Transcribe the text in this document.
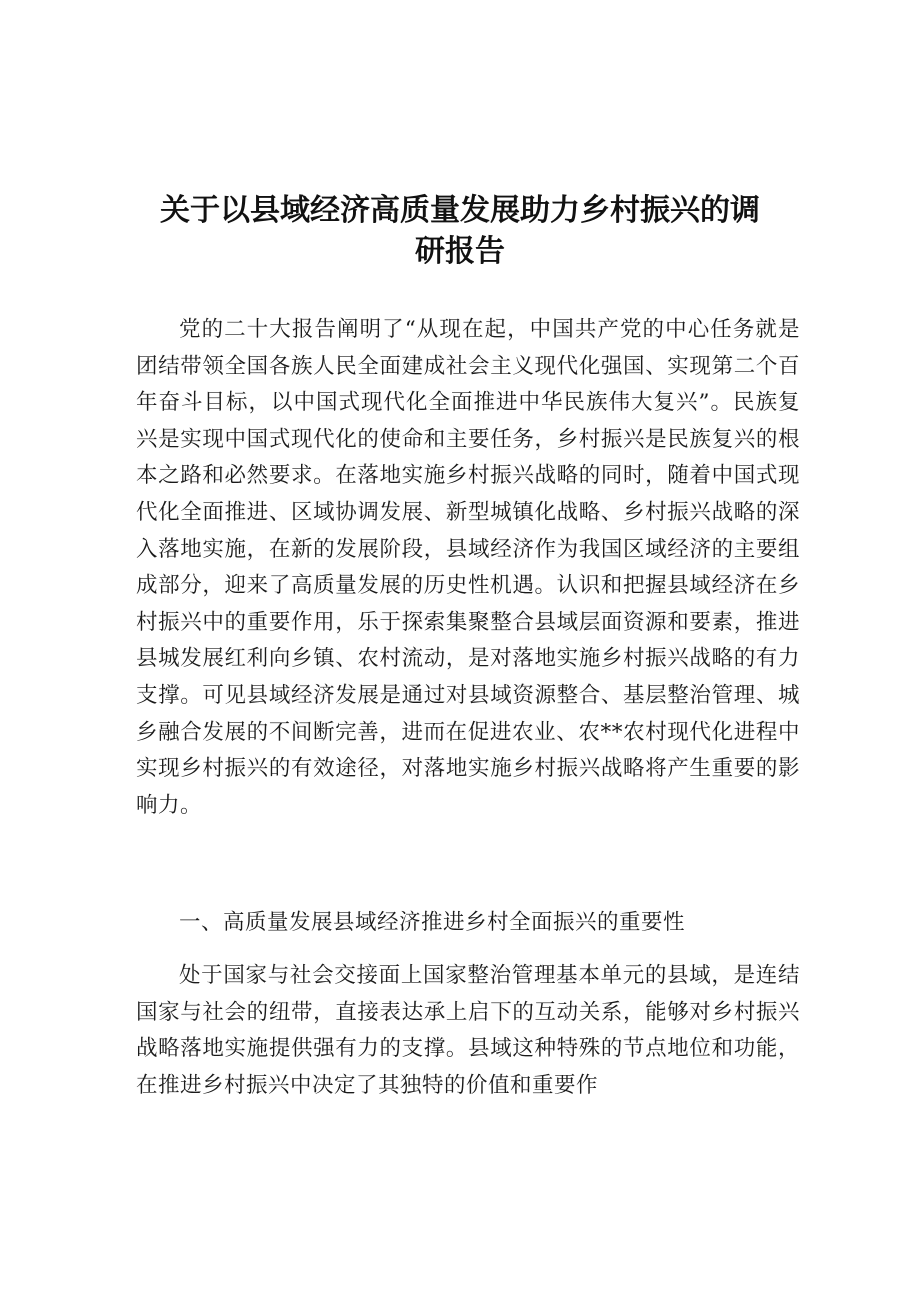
关于以县域经济高质量发展助力乡村振兴的调研报告

党的二十大报告阐明了“从现在起，中国共产党的中心任务就是团结带领全国各族人民全面建成社会主义现代化强国、实现第二个百年奋斗目标，以中国式现代化全面推进中华民族伟大复兴”。民族复兴是实现中国式现代化的使命和主要任务，乡村振兴是民族复兴的根本之路和必然要求。在落地实施乡村振兴战略的同时，随着中国式现代化全面推进、区域协调发展、新型城镇化战略、乡村振兴战略的深入落地实施，在新的发展阶段，县域经济作为我国区域经济的主要组成部分，迎来了高质量发展的历史性机遇。认识和把握县域经济在乡村振兴中的重要作用，乐于探索集聚整合县域层面资源和要素，推进县城发展红利向乡镇、农村流动，是对落地实施乡村振兴战略的有力支撑。可见县域经济发展是通过对县域资源整合、基层整治管理、城乡融合发展的不间断完善，进而在促进农业、农**农村现代化进程中实现乡村振兴的有效途径，对落地实施乡村振兴战略将产生重要的影响力。

一、高质量发展县域经济推进乡村全面振兴的重要性

处于国家与社会交接面上国家整治管理基本单元的县域，是连结国家与社会的纽带，直接表达承上启下的互动关系，能够对乡村振兴战略落地实施提供强有力的支撑。县域这种特殊的节点地位和功能，在推进乡村振兴中决定了其独特的价值和重要作
